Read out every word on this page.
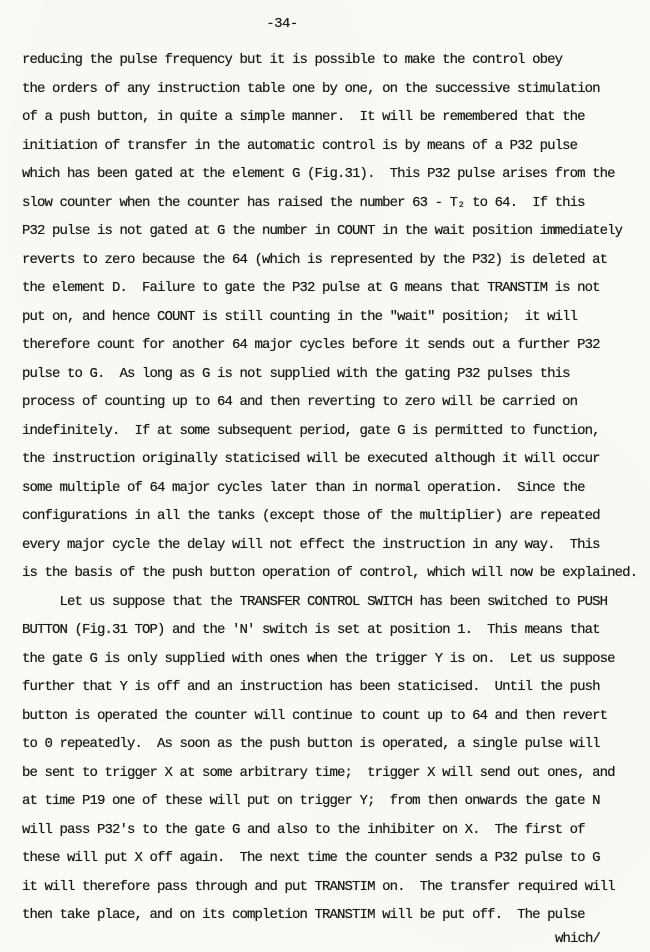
-34-
reducing the pulse frequency but it is possible to make the control obey
the orders of any instruction table one by one, on the successive stimulation
of a push button, in quite a simple manner.  It will be remembered that the
initiation of transfer in the automatic control is by means of a P32 pulse
which has been gated at the element G (Fig.31).  This P32 pulse arises from the
slow counter when the counter has raised the number 63 - T₂ to 64.  If this
P32 pulse is not gated at G the number in COUNT in the wait position immediately
reverts to zero because the 64 (which is represented by the P32) is deleted at
the element D.  Failure to gate the P32 pulse at G means that TRANSTIM is not
put on, and hence COUNT is still counting in the "wait" position;  it will
therefore count for another 64 major cycles before it sends out a further P32
pulse to G.  As long as G is not supplied with the gating P32 pulses this
process of counting up to 64 and then reverting to zero will be carried on
indefinitely.  If at some subsequent period, gate G is permitted to function,
the instruction originally staticised will be executed although it will occur
some multiple of 64 major cycles later than in normal operation.  Since the
configurations in all the tanks (except those of the multiplier) are repeated
every major cycle the delay will not effect the instruction in any way.  This
is the basis of the push button operation of control, which will now be explained.
Let us suppose that the TRANSFER CONTROL SWITCH has been switched to PUSH
BUTTON (Fig.31 TOP) and the 'N' switch is set at position 1.  This means that
the gate G is only supplied with ones when the trigger Y is on.  Let us suppose
further that Y is off and an instruction has been staticised.  Until the push
button is operated the counter will continue to count up to 64 and then revert
to 0 repeatedly.  As soon as the push button is operated, a single pulse will
be sent to trigger X at some arbitrary time;  trigger X will send out ones, and
at time P19 one of these will put on trigger Y;  from then onwards the gate N
will pass P32's to the gate G and also to the inhibiter on X.  The first of
these will put X off again.  The next time the counter sends a P32 pulse to G
it will therefore pass through and put TRANSTIM on.  The transfer required will
then take place, and on its completion TRANSTIM will be put off.  The pulse
which/
